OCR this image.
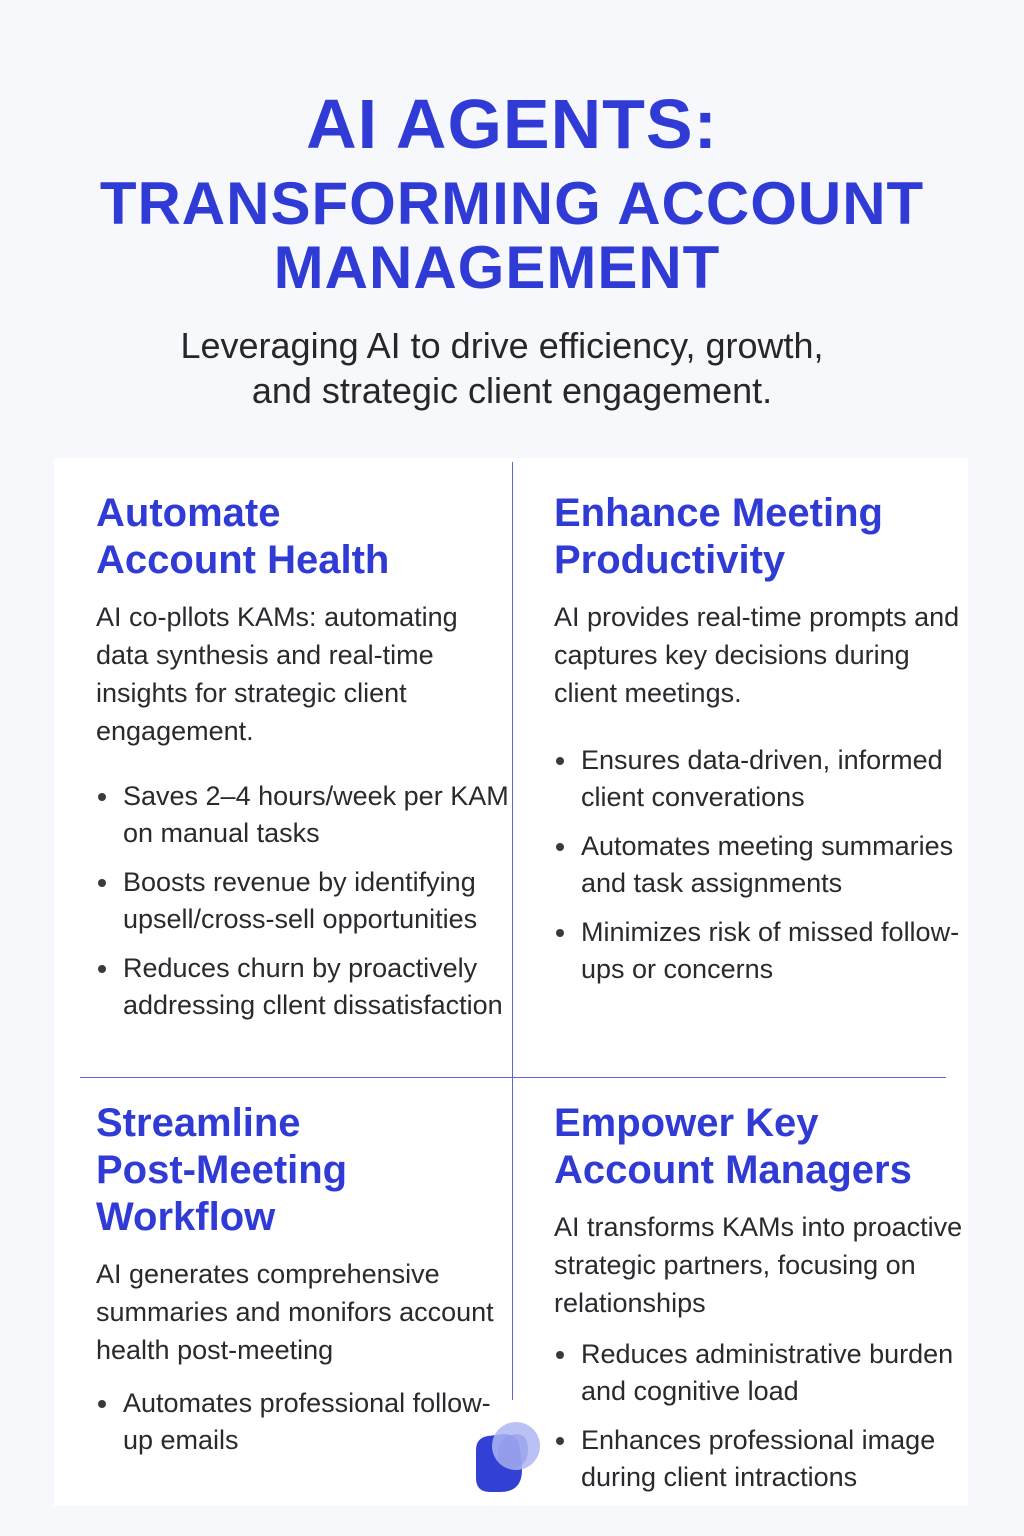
AI AGENTS:
TRANSFORMING ACCOUNT
MANAGEMENT

Leveraging AI to drive efficiency, growth,

and strategic client engagement.

Automate
Account Health

AI co-pllots KAMs: automating data synthesis and real-time insights for strategic client engagement.

Saves 2–4 hours/week per KAM on manual tasks
Boosts revenue by identifying upsell/cross-sell opportunities
Reduces churn by proactively addressing cllent dissatisfaction
Enhance Meeting
Productivity

AI provides real-time prompts and captures key decisions during client meetings.

Ensures data-driven, informed client converations
Automates meeting summaries and task assignments
Minimizes risk of missed follow-ups or concerns
Streamline
Post-Meeting
Workflow

AI generates comprehensive summaries and monifors account health post-meeting

Automates professional follow-up emails
Empower Key
Account Managers

AI transforms KAMs into proactive strategic partners, focusing on relationships

Reduces administrative burden and cognitive load
Enhances professional image during client intractions
